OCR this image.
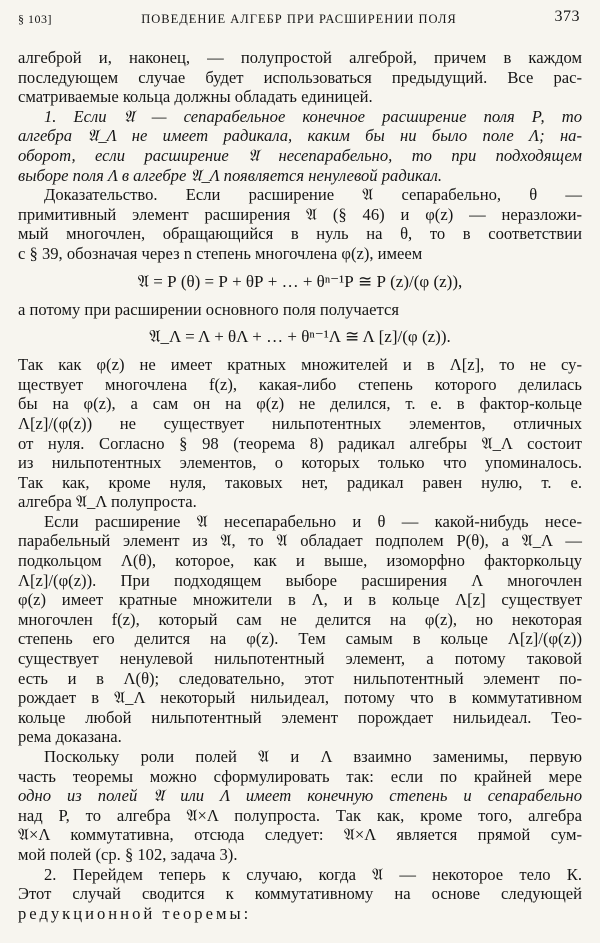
§ 103]	ПОВЕДЕНИЕ АЛГЕБР ПРИ РАСШИРЕНИИ ПОЛЯ	373
алгеброй и, наконец, — полупростой алгеброй, причем в каждом
последующем случае будет использоваться предыдущий. Все рас-
сматриваемые кольца должны обладать единицей.
1. Если 𝔄 — сепарабельное конечное расширение поля Р, то
алгебра 𝔄_Λ не имеет радикала, каким бы ни было поле Λ; на-
оборот, если расширение 𝔄 несепарабельно, то при подходящем
выборе поля Λ в алгебре 𝔄_Λ появляется ненулевой радикал.
Доказательство. Если расширение 𝔄 сепарабельно, θ —
примитивный элемент расширения 𝔄 (§ 46) и φ(z) — неразложи-
мый многочлен, обращающийся в нуль на θ, то в соответствии
с § 39, обозначая через n степень многочлена φ(z), имеем
𝔄 = Р (θ) = Р + θР + … + θⁿ⁻¹Р ≅ Р (z)/(φ (z)),
а потому при расширении основного поля получается
𝔄_Λ = Λ + θΛ + … + θⁿ⁻¹Λ ≅ Λ [z]/(φ (z)).
Так как φ(z) не имеет кратных множителей и в Λ[z], то не су-
ществует многочлена f(z), какая-либо степень которого делилась
бы на φ(z), а сам он на φ(z) не делился, т. е. в фактор-кольце
Λ[z]/(φ(z)) не существует нильпотентных элементов, отличных
от нуля. Согласно § 98 (теорема 8) радикал алгебры 𝔄_Λ состоит
из нильпотентных элементов, о которых только что упоминалось.
Так как, кроме нуля, таковых нет, радикал равен нулю, т. е.
алгебра 𝔄_Λ полупроста.
Если расширение 𝔄 несепарабельно и θ — какой-нибудь несе-
парабельный элемент из 𝔄, то 𝔄 обладает подполем Р(θ), а 𝔄_Λ —
подкольцом Λ(θ), которое, как и выше, изоморфно факторкольцу
Λ[z]/(φ(z)). При подходящем выборе расширения Λ многочлен
φ(z) имеет кратные множители в Λ, и в кольце Λ[z] существует
многочлен f(z), который сам не делится на φ(z), но некоторая
степень его делится на φ(z). Тем самым в кольце Λ[z]/(φ(z))
существует ненулевой нильпотентный элемент, а потому таковой
есть и в Λ(θ); следовательно, этот нильпотентный элемент по-
рождает в 𝔄_Λ некоторый нильидеал, потому что в коммутативном
кольце любой нильпотентный элемент порождает нильидеал. Тео-
рема доказана.
Поскольку роли полей 𝔄 и Λ взаимно заменимы, первую
часть теоремы можно сформулировать так: если по крайней мере
одно из полей 𝔄 или Λ имеет конечную степень и сепарабельно
над Р, то алгебра 𝔄×Λ полупроста. Так как, кроме того, алгебра
𝔄×Λ коммутативна, отсюда следует: 𝔄×Λ является прямой сум-
мой полей (ср. § 102, задача 3).
2. Перейдем теперь к случаю, когда 𝔄 — некоторое тело К.
Этот случай сводится к коммутативному на основе следующей
редукционной теоремы:
